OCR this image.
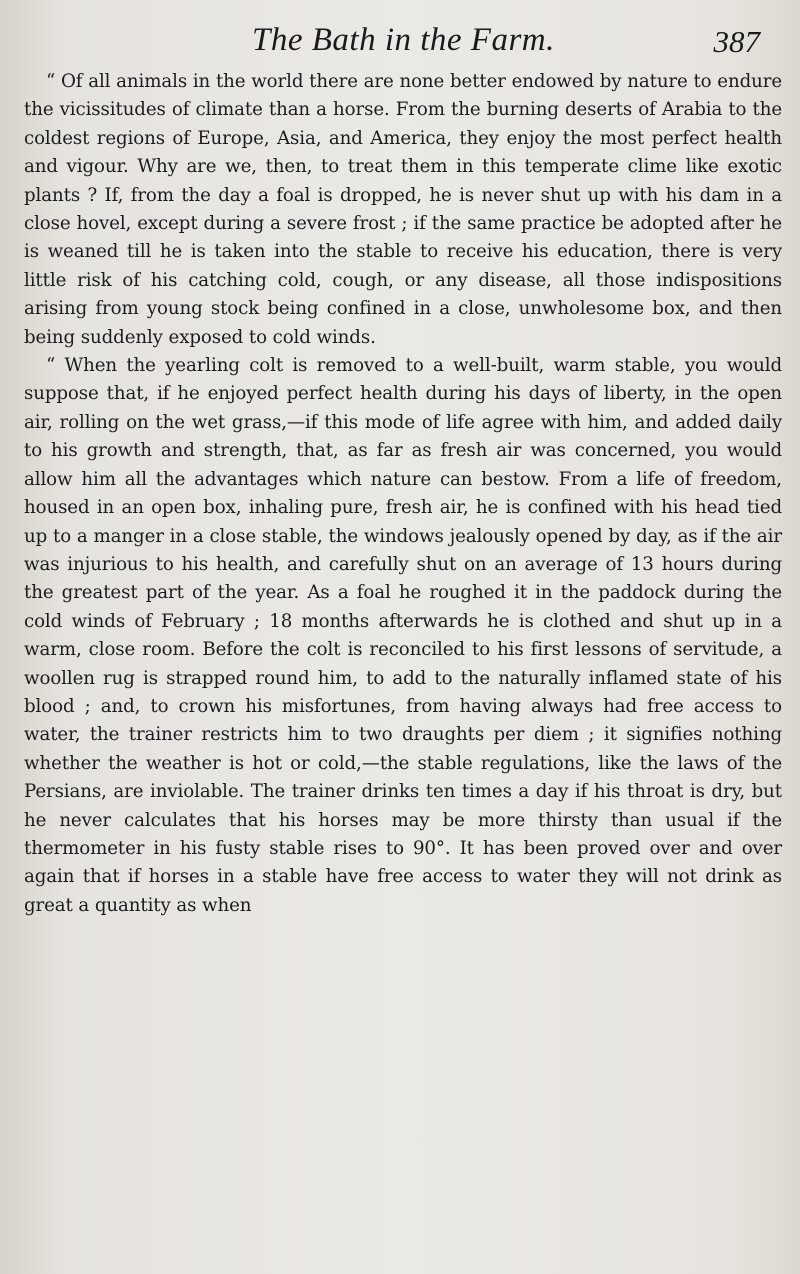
The Bath in the Farm.	387

“ Of all animals in the world there are none better endowed by nature to endure the vicissitudes of climate than a horse. From the burning deserts of Arabia to the coldest regions of Europe, Asia, and America, they enjoy the most perfect health and vigour. Why are we, then, to treat them in this temperate clime like exotic plants ? If, from the day a foal is dropped, he is never shut up with his dam in a close hovel, except during a severe frost ; if the same practice be adopted after he is weaned till he is taken into the stable to receive his education, there is very little risk of his catching cold, cough, or any disease, all those indispositions arising from young stock being confined in a close, unwholesome box, and then being suddenly exposed to cold winds.

“ When the yearling colt is removed to a well-built, warm stable, you would suppose that, if he enjoyed perfect health during his days of liberty, in the open air, rolling on the wet grass,—if this mode of life agree with him, and added daily to his growth and strength, that, as far as fresh air was concerned, you would allow him all the advantages which nature can bestow. From a life of freedom, housed in an open box, inhaling pure, fresh air, he is confined with his head tied up to a manger in a close stable, the windows jealously opened by day, as if the air was injurious to his health, and carefully shut on an average of 13 hours during the greatest part of the year. As a foal he roughed it in the paddock during the cold winds of February ; 18 months afterwards he is clothed and shut up in a warm, close room. Before the colt is reconciled to his first lessons of servitude, a woollen rug is strapped round him, to add to the naturally inflamed state of his blood ; and, to crown his misfortunes, from having always had free access to water, the trainer restricts him to two draughts per diem ; it signifies nothing whether the weather is hot or cold,—the stable regulations, like the laws of the Persians, are inviolable. The trainer drinks ten times a day if his throat is dry, but he never calculates that his horses may be more thirsty than usual if the thermometer in his fusty stable rises to 90°. It has been proved over and over again that if horses in a stable have free access to water they will not drink as great a quantity as when
